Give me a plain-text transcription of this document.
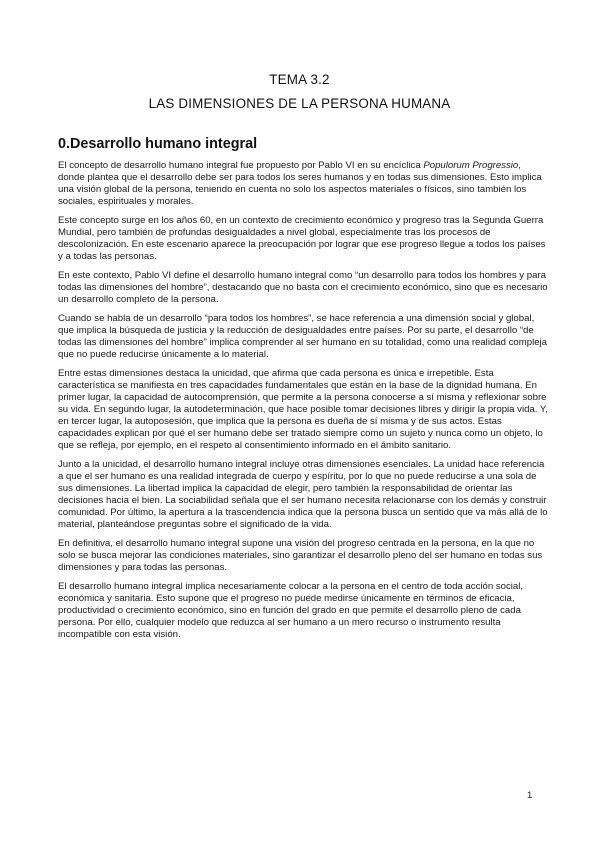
TEMA 3.2
LAS DIMENSIONES DE LA PERSONA HUMANA
0.Desarrollo humano integral

El concepto de desarrollo humano integral fue propuesto por Pablo VI en su encíclica Populorum Progressio, donde plantea que el desarrollo debe ser para todos los seres humanos y en todas sus dimensiones. Esto implica una visión global de la persona, teniendo en cuenta no solo los aspectos materiales o físicos, sino también los sociales, espirituales y morales.

Este concepto surge en los años 60, en un contexto de crecimiento económico y progreso tras la Segunda Guerra Mundial, pero también de profundas desigualdades a nivel global, especialmente tras los procesos de descolonización. En este escenario aparece la preocupación por lograr que ese progreso llegue a todos los países y a todas las personas.

En este contexto, Pablo VI define el desarrollo humano integral como “un desarrollo para todos los hombres y para todas las dimensiones del hombre”, destacando que no basta con el crecimiento económico, sino que es necesario un desarrollo completo de la persona.

Cuando se habla de un desarrollo “para todos los hombres”, se hace referencia a una dimensión social y global, que implica la búsqueda de justicia y la reducción de desigualdades entre países. Por su parte, el desarrollo “de todas las dimensiones del hombre” implica comprender al ser humano en su totalidad, como una realidad compleja que no puede reducirse únicamente a lo material.

Entre estas dimensiones destaca la unicidad, que afirma que cada persona es única e irrepetible. Esta característica se manifiesta en tres capacidades fundamentales que están en la base de la dignidad humana. En primer lugar, la capacidad de autocomprensión, que permite a la persona conocerse a sí misma y reflexionar sobre su vida. En segundo lugar, la autodeterminación, que hace posible tomar decisiones libres y dirigir la propia vida. Y, en tercer lugar, la autoposesión, que implica que la persona es dueña de sí misma y de sus actos. Estas capacidades explican por qué el ser humano debe ser tratado siempre como un sujeto y nunca como un objeto, lo que se refleja, por ejemplo, en el respeto al consentimiento informado en el ámbito sanitario.

Junto a la unicidad, el desarrollo humano integral incluye otras dimensiones esenciales. La unidad hace referencia a que el ser humano es una realidad integrada de cuerpo y espíritu, por lo que no puede reducirse a una sola de sus dimensiones. La libertad implica la capacidad de elegir, pero también la responsabilidad de orientar las decisiones hacia el bien. La sociabilidad señala que el ser humano necesita relacionarse con los demás y construir comunidad. Por último, la apertura a la trascendencia indica que la persona busca un sentido que va más allá de lo material, planteándose preguntas sobre el significado de la vida.

En definitiva, el desarrollo humano integral supone una visión del progreso centrada en la persona, en la que no solo se busca mejorar las condiciones materiales, sino garantizar el desarrollo pleno del ser humano en todas sus dimensiones y para todas las personas.

El desarrollo humano integral implica necesariamente colocar a la persona en el centro de toda acción social, económica y sanitaria. Esto supone que el progreso no puede medirse únicamente en términos de eficacia, productividad o crecimiento económico, sino en función del grado en que permite el desarrollo pleno de cada persona. Por ello, cualquier modelo que reduzca al ser humano a un mero recurso o instrumento resulta incompatible con esta visión.

1
